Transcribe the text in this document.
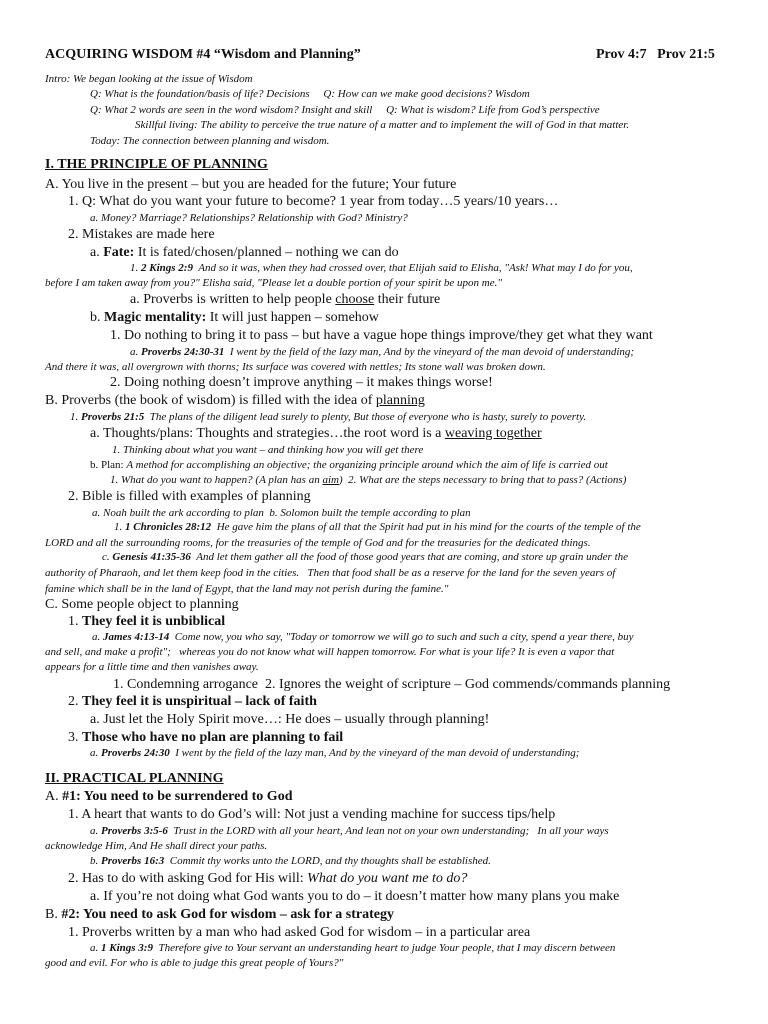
ACQUIRING WISDOM #4 “Wisdom and Planning”	Prov 4:7   Prov 21:5
Intro: We began looking at the issue of Wisdom
Q: What is the foundation/basis of life? Decisions     Q: How can we make good decisions? Wisdom
Q: What 2 words are seen in the word wisdom? Insight and skill     Q: What is wisdom? Life from God’s perspective
Skillful living: The ability to perceive the true nature of a matter and to implement the will of God in that matter.
Today: The connection between planning and wisdom.
I. THE PRINCIPLE OF PLANNING
A. You live in the present – but you are headed for the future; Your future
1. Q: What do you want your future to become? 1 year from today…5 years/10 years…
a. Money? Marriage? Relationships? Relationship with God? Ministry?
2. Mistakes are made here
a. Fate: It is fated/chosen/planned – nothing we can do
1. 2 Kings 2:9  And so it was, when they had crossed over, that Elijah said to Elisha, "Ask! What may I do for you,
before I am taken away from you?" Elisha said, "Please let a double portion of your spirit be upon me."
a. Proverbs is written to help people choose their future
b. Magic mentality: It will just happen – somehow
1. Do nothing to bring it to pass – but have a vague hope things improve/they get what they want
a. Proverbs 24:30-31  I went by the field of the lazy man, And by the vineyard of the man devoid of understanding;
And there it was, all overgrown with thorns; Its surface was covered with nettles; Its stone wall was broken down.
2. Doing nothing doesn’t improve anything – it makes things worse!
B. Proverbs (the book of wisdom) is filled with the idea of planning
1. Proverbs 21:5  The plans of the diligent lead surely to plenty, But those of everyone who is hasty, surely to poverty.
a. Thoughts/plans: Thoughts and strategies…the root word is a weaving together
1. Thinking about what you want – and thinking how you will get there
b. Plan: A method for accomplishing an objective; the organizing principle around which the aim of life is carried out
1. What do you want to happen? (A plan has an aim)  2. What are the steps necessary to bring that to pass? (Actions)
2. Bible is filled with examples of planning
a. Noah built the ark according to plan  b. Solomon built the temple according to plan
1. 1 Chronicles 28:12  He gave him the plans of all that the Spirit had put in his mind for the courts of the temple of the
LORD and all the surrounding rooms, for the treasuries of the temple of God and for the treasuries for the dedicated things.
c. Genesis 41:35-36  And let them gather all the food of those good years that are coming, and store up grain under the
authority of Pharaoh, and let them keep food in the cities.   Then that food shall be as a reserve for the land for the seven years of
famine which shall be in the land of Egypt, that the land may not perish during the famine."
C. Some people object to planning
1. They feel it is unbiblical
a. James 4:13-14  Come now, you who say, "Today or tomorrow we will go to such and such a city, spend a year there, buy
and sell, and make a profit";   whereas you do not know what will happen tomorrow. For what is your life? It is even a vapor that
appears for a little time and then vanishes away.
1. Condemning arrogance  2. Ignores the weight of scripture – God commends/commands planning
2. They feel it is unspiritual – lack of faith
a. Just let the Holy Spirit move…: He does – usually through planning!
3. Those who have no plan are planning to fail
a. Proverbs 24:30  I went by the field of the lazy man, And by the vineyard of the man devoid of understanding;
II. PRACTICAL PLANNING
A. #1: You need to be surrendered to God
1. A heart that wants to do God’s will: Not just a vending machine for success tips/help
a. Proverbs 3:5-6  Trust in the LORD with all your heart, And lean not on your own understanding;   In all your ways
acknowledge Him, And He shall direct your paths.
b. Proverbs 16:3  Commit thy works unto the LORD, and thy thoughts shall be established.
2. Has to do with asking God for His will: What do you want me to do?
a. If you’re not doing what God wants you to do – it doesn’t matter how many plans you make
B. #2: You need to ask God for wisdom – ask for a strategy
1. Proverbs written by a man who had asked God for wisdom – in a particular area
a. 1 Kings 3:9  Therefore give to Your servant an understanding heart to judge Your people, that I may discern between
good and evil. For who is able to judge this great people of Yours?"
